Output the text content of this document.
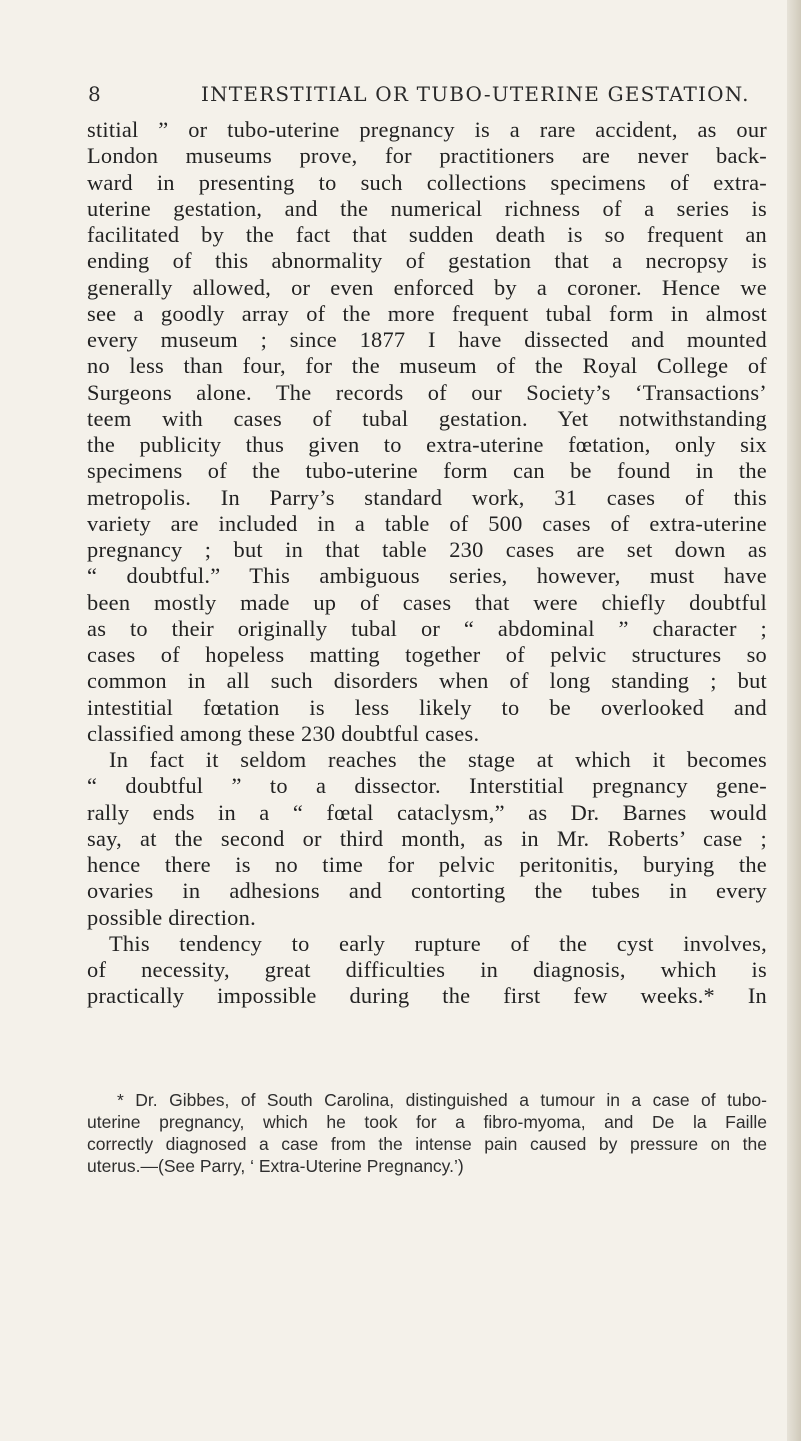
8	INTERSTITIAL OR TUBO-UTERINE GESTATION.
stitial ” or tubo-uterine pregnancy is a rare accident, as our
London museums prove, for practitioners are never back-
ward in presenting to such collections specimens of extra-
uterine gestation, and the numerical richness of a series is
facilitated by the fact that sudden death is so frequent an
ending of this abnormality of gestation that a necropsy is
generally allowed, or even enforced by a coroner. Hence we
see a goodly array of the more frequent tubal form in almost
every museum ; since 1877 I have dissected and mounted
no less than four, for the museum of the Royal College of
Surgeons alone. The records of our Society’s ‘Transactions’
teem with cases of tubal gestation. Yet notwithstanding
the publicity thus given to extra-uterine fœtation, only six
specimens of the tubo-uterine form can be found in the
metropolis. In Parry’s standard work, 31 cases of this
variety are included in a table of 500 cases of extra-uterine
pregnancy ; but in that table 230 cases are set down as
“ doubtful.” This ambiguous series, however, must have
been mostly made up of cases that were chiefly doubtful
as to their originally tubal or “ abdominal ” character ;
cases of hopeless matting together of pelvic structures so
common in all such disorders when of long standing ; but
intestitial fœtation is less likely to be overlooked and
classified among these 230 doubtful cases.
In fact it seldom reaches the stage at which it becomes
“ doubtful ” to a dissector. Interstitial pregnancy gene-
rally ends in a “ fœtal cataclysm,” as Dr. Barnes would
say, at the second or third month, as in Mr. Roberts’ case ;
hence there is no time for pelvic peritonitis, burying the
ovaries in adhesions and contorting the tubes in every
possible direction.
This tendency to early rupture of the cyst involves,
of necessity, great difficulties in diagnosis, which is
practically impossible during the first few weeks.* In
* Dr. Gibbes, of South Carolina, distinguished a tumour in a case of tubo-
uterine pregnancy, which he took for a fibro-myoma, and De la Faille
correctly diagnosed a case from the intense pain caused by pressure on the
uterus.—(See Parry, ‘ Extra-Uterine Pregnancy.’)
